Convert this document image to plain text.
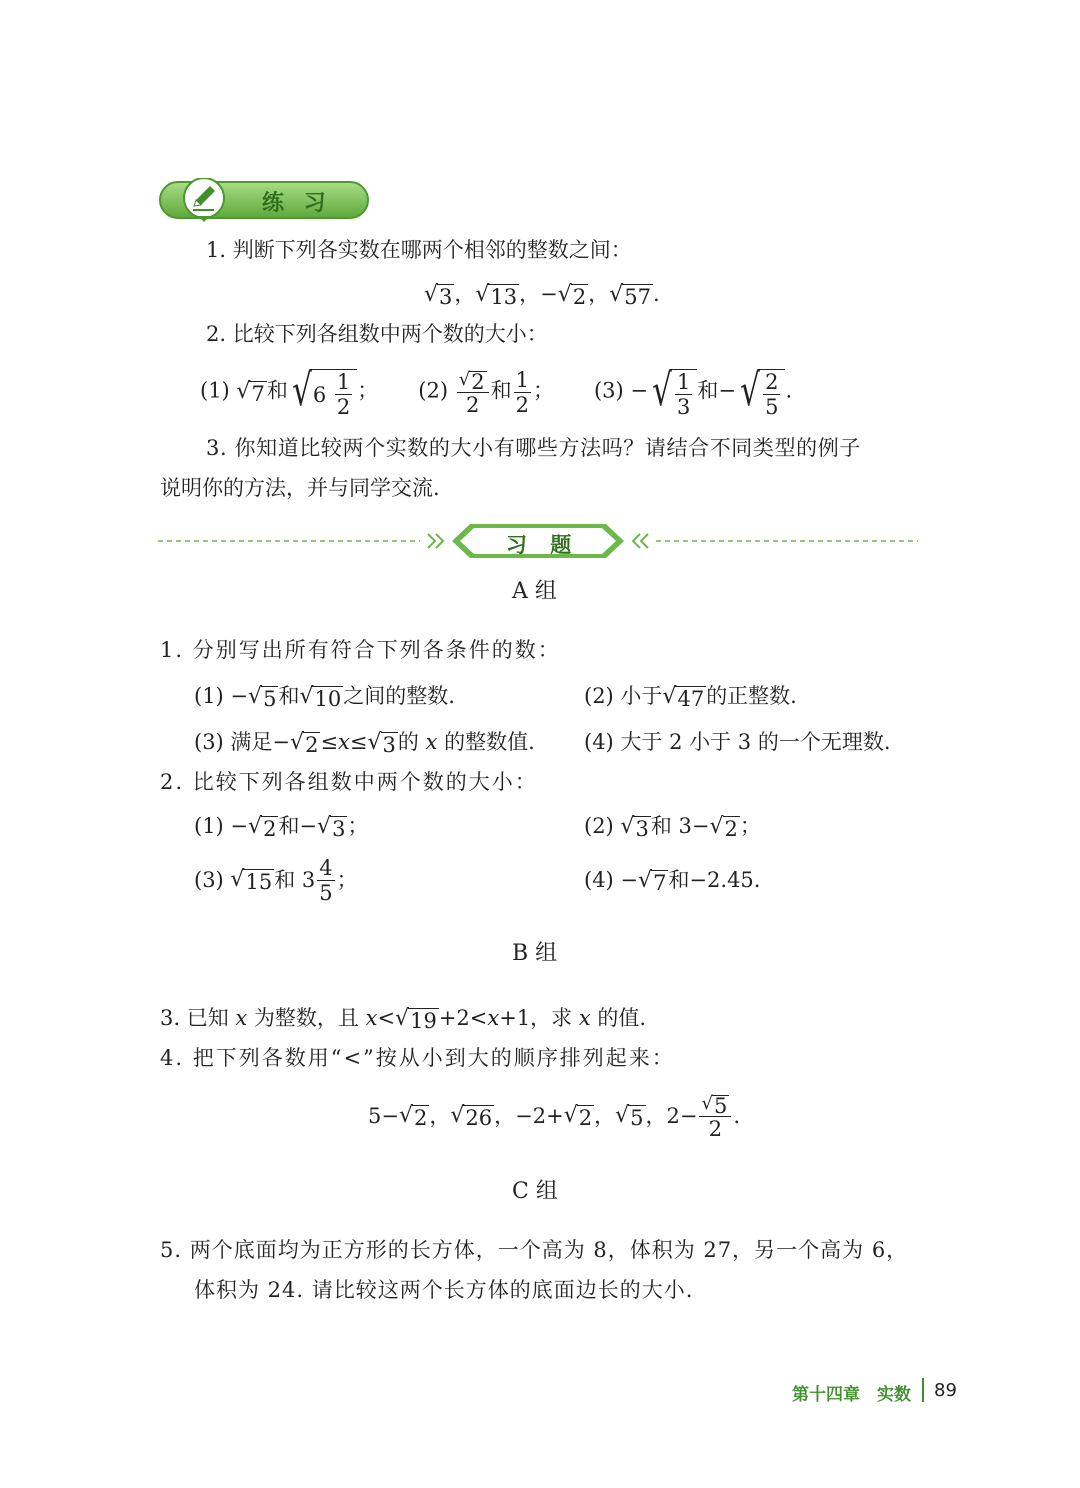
练 习
1. 判断下列各实数在哪两个相邻的整数之间：
√ 3 ， √ 13 ，− √ 2 ， √ 57 .
2. 比较下列各组数中两个数的大小：
(1) √ 7 和 √ $6 \frac{1}{2}$ ； $(2) \frac{√ 2}{2}$ 和 $\frac{1}{2}$ ； (3) − √ $\frac{1}{3}$ 和− √ $\frac{2}{5}$ .
3. 你知道比较两个实数的大小有哪些方法吗？请结合不同类型的例子
说明你的方法，并与同学交流.
习 题
A 组
1. 分别写出所有符合下列各条件的数：
(1) − √ 5 和 √ 10 之间的整数.	(2) 小于 √ 47 的正整数.
(3) 满足− √ 2 ≤x≤ √ 3 的 x 的整数值. (4) 大于 2 小于 3 的一个无理数.
2. 比较下列各组数中两个数的大小：
(1) − √ 2 和− √ 3 ；	(2) √ 3 和 3− √ 2 ；
(3) √ 15 和 $3 \frac{4}{5}$ ；	(4) − √ 7 和−2.45.
B 组
3. 已知 x 为整数，且 x< √ 19 +2<x+1，求 x 的值.
4. 把下列各数用“<”按从小到大的顺序排列起来：
5− √ 2 ， √ 26 ，−2+ √ 2 ， √ 5 ，$2- \frac{√ 5}{2}$ .
C 组
5. 两个底面均为正方形的长方体，一个高为 8，体积为 27，另一个高为 6，
体积为 24. 请比较这两个长方体的底面边长的大小.
第十四章　实数 89
